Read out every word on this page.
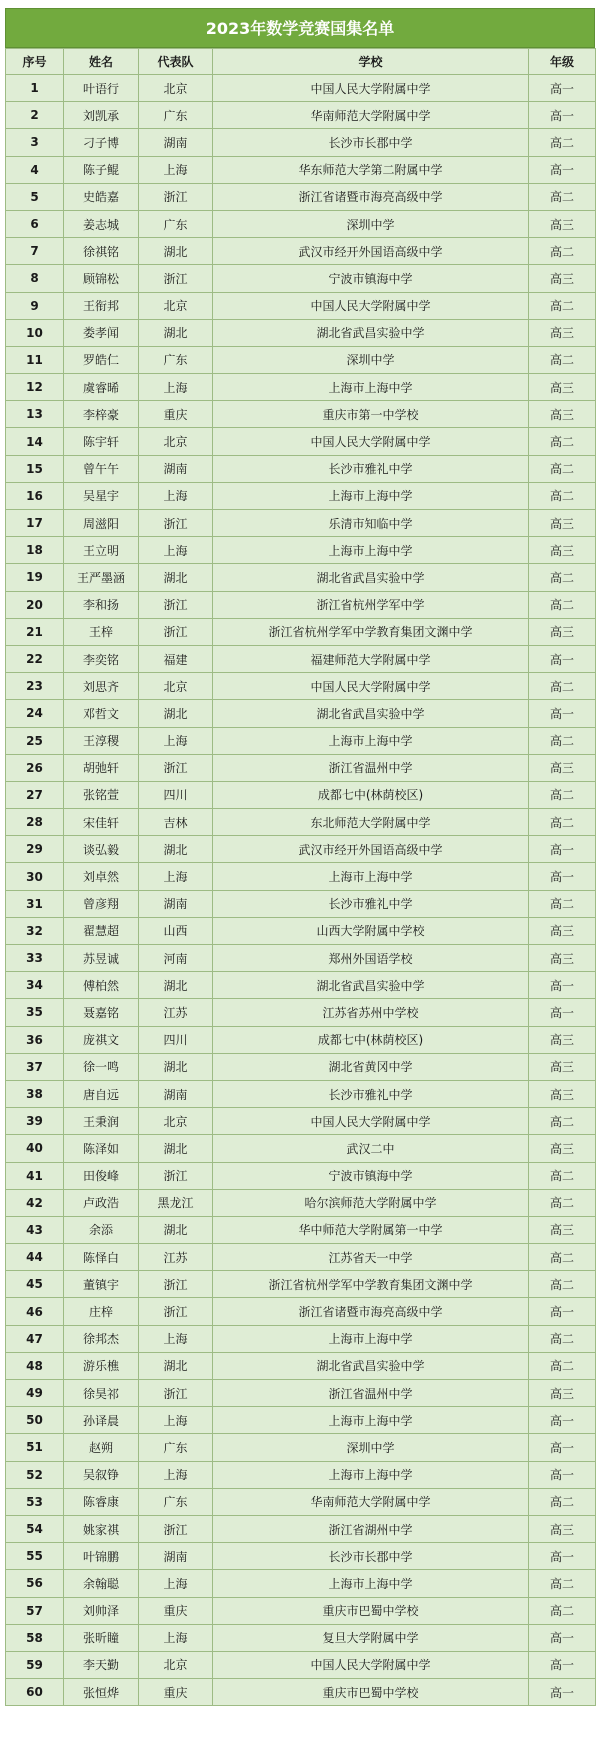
2023年数学竞赛国集名单
序号	姓名	代表队	学校	年级
1	叶语行	北京	中国人民大学附属中学	高一
2	刘凯承	广东	华南师范大学附属中学	高一
3	刁子博	湖南	长沙市长郡中学	高二
4	陈子鲲	上海	华东师范大学第二附属中学	高一
5	史皓嘉	浙江	浙江省诸暨市海亮高级中学	高二
6	姜志城	广东	深圳中学	高三
7	徐祺铭	湖北	武汉市经开外国语高级中学	高二
8	顾锦松	浙江	宁波市镇海中学	高三
9	王衔邦	北京	中国人民大学附属中学	高二
10	娄孝闻	湖北	湖北省武昌实验中学	高三
11	罗皓仁	广东	深圳中学	高二
12	虞睿晞	上海	上海市上海中学	高三
13	李梓豪	重庆	重庆市第一中学校	高三
14	陈宇轩	北京	中国人民大学附属中学	高二
15	曾午午	湖南	长沙市雅礼中学	高二
16	吴星宇	上海	上海市上海中学	高二
17	周滋阳	浙江	乐清市知临中学	高三
18	王立明	上海	上海市上海中学	高三
19	王严墨涵	湖北	湖北省武昌实验中学	高二
20	李和扬	浙江	浙江省杭州学军中学	高二
21	王梓	浙江	浙江省杭州学军中学教育集团文渊中学	高三
22	李奕铭	福建	福建师范大学附属中学	高一
23	刘思齐	北京	中国人民大学附属中学	高二
24	邓哲文	湖北	湖北省武昌实验中学	高一
25	王淳稷	上海	上海市上海中学	高二
26	胡弛轩	浙江	浙江省温州中学	高三
27	张铭萱	四川	成都七中(林荫校区)	高二
28	宋佳轩	吉林	东北师范大学附属中学	高二
29	谈弘毅	湖北	武汉市经开外国语高级中学	高一
30	刘卓然	上海	上海市上海中学	高一
31	曾彦翔	湖南	长沙市雅礼中学	高二
32	翟慧超	山西	山西大学附属中学校	高三
33	苏昱诚	河南	郑州外国语学校	高三
34	傅柏然	湖北	湖北省武昌实验中学	高一
35	聂嘉铭	江苏	江苏省苏州中学校	高一
36	庞祺文	四川	成都七中(林荫校区)	高三
37	徐一鸣	湖北	湖北省黄冈中学	高三
38	唐自远	湖南	长沙市雅礼中学	高三
39	王秉润	北京	中国人民大学附属中学	高二
40	陈泽如	湖北	武汉二中	高三
41	田俊峰	浙江	宁波市镇海中学	高二
42	卢政浩	黑龙江	哈尔滨师范大学附属中学	高二
43	余添	湖北	华中师范大学附属第一中学	高三
44	陈怿白	江苏	江苏省天一中学	高二
45	董镇宇	浙江	浙江省杭州学军中学教育集团文渊中学	高二
46	庄梓	浙江	浙江省诸暨市海亮高级中学	高一
47	徐邦杰	上海	上海市上海中学	高二
48	游乐樵	湖北	湖北省武昌实验中学	高二
49	徐昊祁	浙江	浙江省温州中学	高三
50	孙译晨	上海	上海市上海中学	高一
51	赵朔	广东	深圳中学	高一
52	吴叙铮	上海	上海市上海中学	高一
53	陈睿康	广东	华南师范大学附属中学	高二
54	姚家祺	浙江	浙江省湖州中学	高三
55	叶锦鹏	湖南	长沙市长郡中学	高一
56	余翰聪	上海	上海市上海中学	高二
57	刘帅泽	重庆	重庆市巴蜀中学校	高二
58	张昕瞳	上海	复旦大学附属中学	高一
59	李天勤	北京	中国人民大学附属中学	高一
60	张恒烨	重庆	重庆市巴蜀中学校	高一
